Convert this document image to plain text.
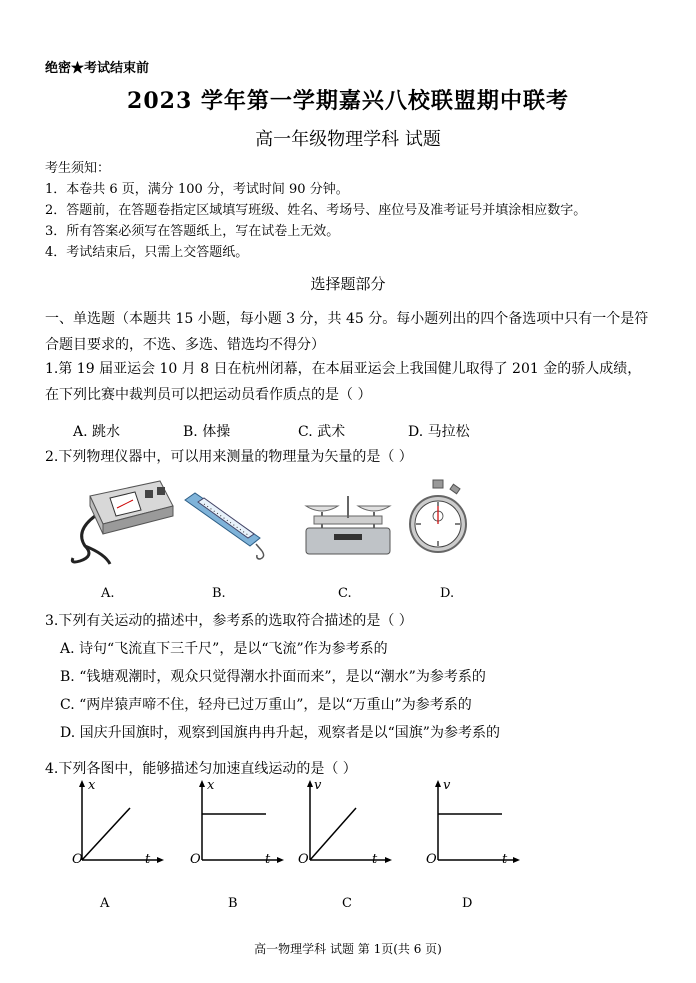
绝密★考试结束前
2023 学年第一学期嘉兴八校联盟期中联考
高一年级物理学科 试题
考生须知：
1．本卷共 6 页，满分 100 分，考试时间 90 分钟。
2．答题前，在答题卷指定区域填写班级、姓名、考场号、座位号及准考证号并填涂相应数字。
3．所有答案必须写在答题纸上，写在试卷上无效。
4．考试结束后，只需上交答题纸。
选择题部分
一、单选题（本题共 15 小题，每小题 3 分，共 45 分。每小题列出的四个备选项中只有一个是符合题目要求的，不选、多选、错选均不得分）
1.第 19 届亚运会 10 月 8 日在杭州闭幕，在本届亚运会上我国健儿取得了 201 金的骄人成绩，在下列比赛中裁判员可以把运动员看作质点的是（ ）
A. 跳水	B. 体操	C. 武术	D. 马拉松
2.下列物理仪器中，可以用来测量的物理量为矢量的是（ ）
A.	B.	C.	D.
3.下列有关运动的描述中，参考系的选取符合描述的是（ ）
A. 诗句“飞流直下三千尺”，是以“飞流”作为参考系的
B. “钱塘观潮时，观众只觉得潮水扑面而来”，是以“潮水”为参考系的
C. “两岸猿声啼不住，轻舟已过万重山”，是以“万重山”为参考系的
D. 国庆升国旗时，观察到国旗冉冉升起，观察者是以“国旗”为参考系的
4.下列各图中，能够描述匀加速直线运动的是（ ）
x
t
O
x
t
O
v
t
O
v
t
O
A	B	C	D
高一物理学科 试题 第 1页(共 6 页)
